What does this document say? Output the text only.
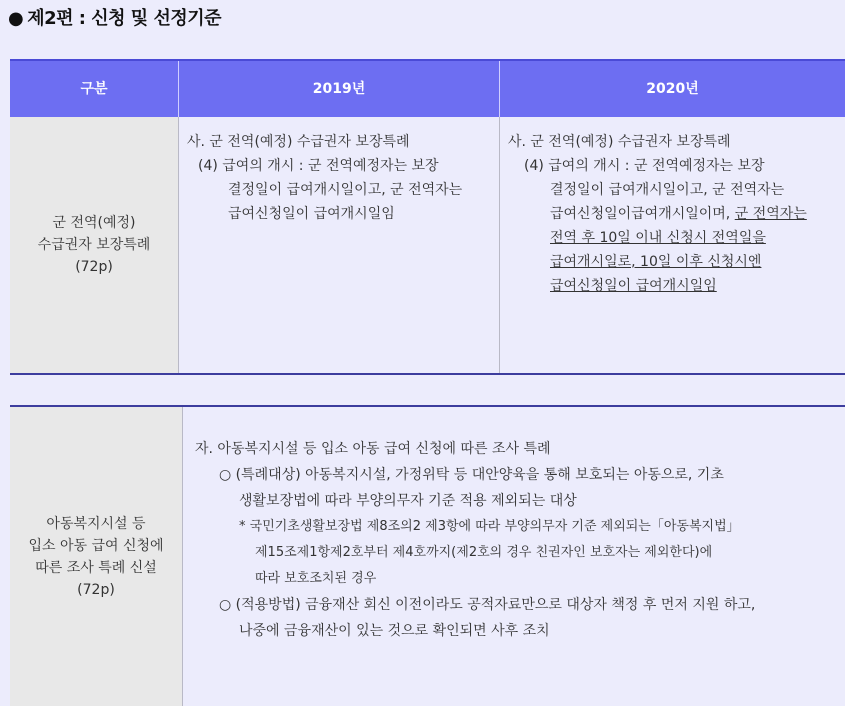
● 제2편 : 신청 및 선정기준
구분	2019년	2020년
군 전역(예정)
수급권자 보장특례
(72p)
사. 군 전역(예정) 수급권자 보장특례
(4) 급여의 개시 : 군 전역예정자는 보장
결정일이 급여개시일이고, 군 전역자는
급여신청일이 급여개시일임
사. 군 전역(예정) 수급권자 보장특례
(4) 급여의 개시 : 군 전역예정자는 보장
결정일이 급여개시일이고, 군 전역자는
급여신청일이급여개시일이며, 군 전역자는
전역 후 10일 이내 신청시 전역일을
급여개시일로, 10일 이후 신청시엔
급여신청일이 급여개시일임
아동복지시설 등
입소 아동 급여 신청에
따른 조사 특례 신설
(72p)
자. 아동복지시설 등 입소 아동 급여 신청에 따른 조사 특례
○ (특례대상) 아동복지시설, 가정위탁 등 대안양육을 통해 보호되는 아동으로, 기초
생활보장법에 따라 부양의무자 기준 적용 제외되는 대상
* 국민기초생활보장법 제8조의2 제3항에 따라 부양의무자 기준 제외되는「아동복지법」
제15조제1항제2호부터 제4호까지(제2호의 경우 친권자인 보호자는 제외한다)에
따라 보호조치된 경우
○ (적용방법) 금융재산 회신 이전이라도 공적자료만으로 대상자 책정 후 먼저 지원 하고,
나중에 금융재산이 있는 것으로 확인되면 사후 조치
